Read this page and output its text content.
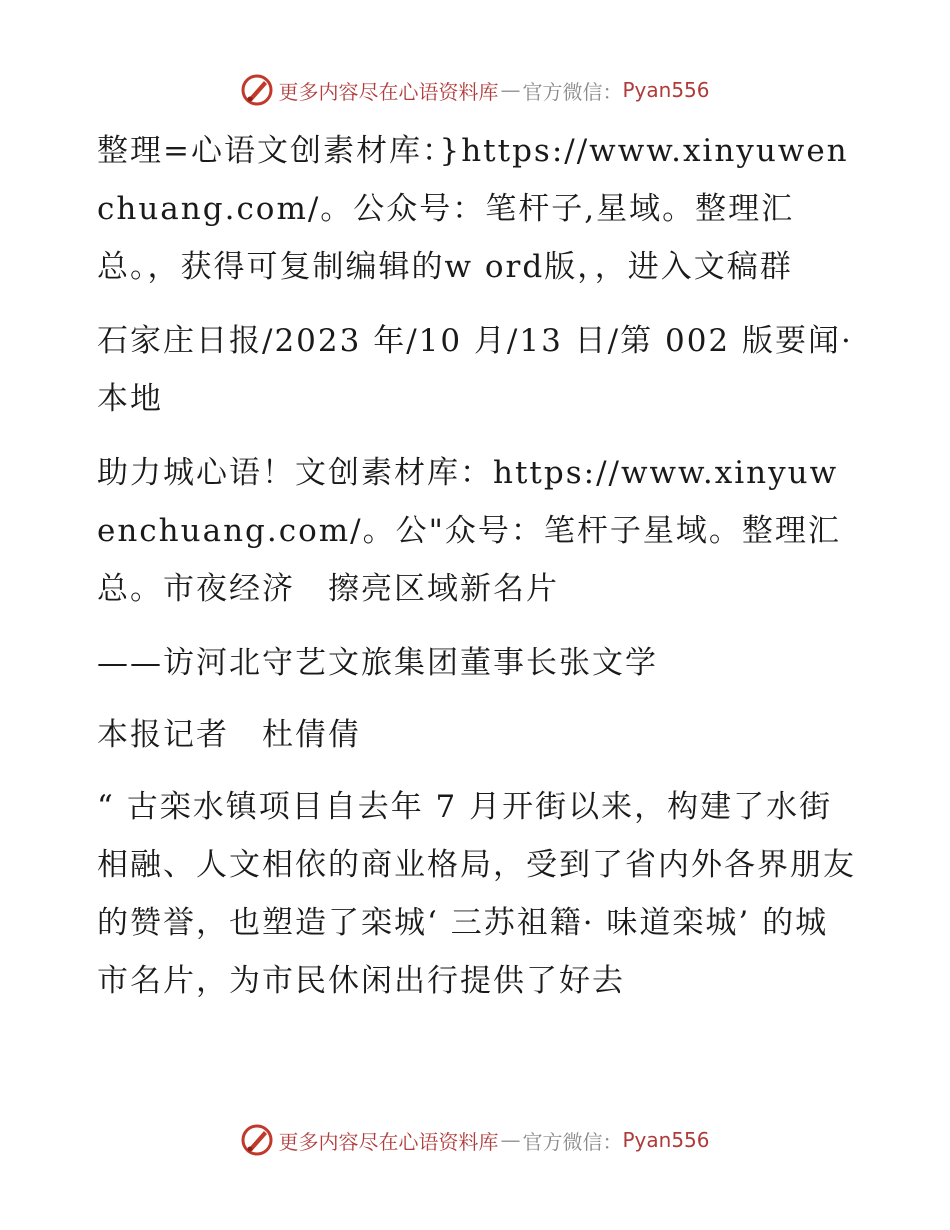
更多内容尽在心语资料库 — 官方微信： Pyan556

整理=心语文创素材库：}https://www.xinyuwenchuang.com/。公众号：笔杆子,星域。整理汇总。，获得可复制编辑的w ord版，，进入文稿群

石家庄日报/2023 年/10 月/13 日/第 002 版要闻· 本地

助力城心语！文创素材库：https://www.xinyuwenchuang.com/。公"众号：笔杆子星域。整理汇总。市夜经济　擦亮区域新名片

——访河北守艺文旅集团董事长张文学

本报记者　杜倩倩

“ 古栾水镇项目自去年 7 月开街以来，构建了水街相融、人文相依的商业格局，受到了省内外各界朋友的赞誉，也塑造了栾城‘ 三苏祖籍· 味道栾城’ 的城市名片，为市民休闲出行提供了好去

更多内容尽在心语资料库 — 官方微信： Pyan556
